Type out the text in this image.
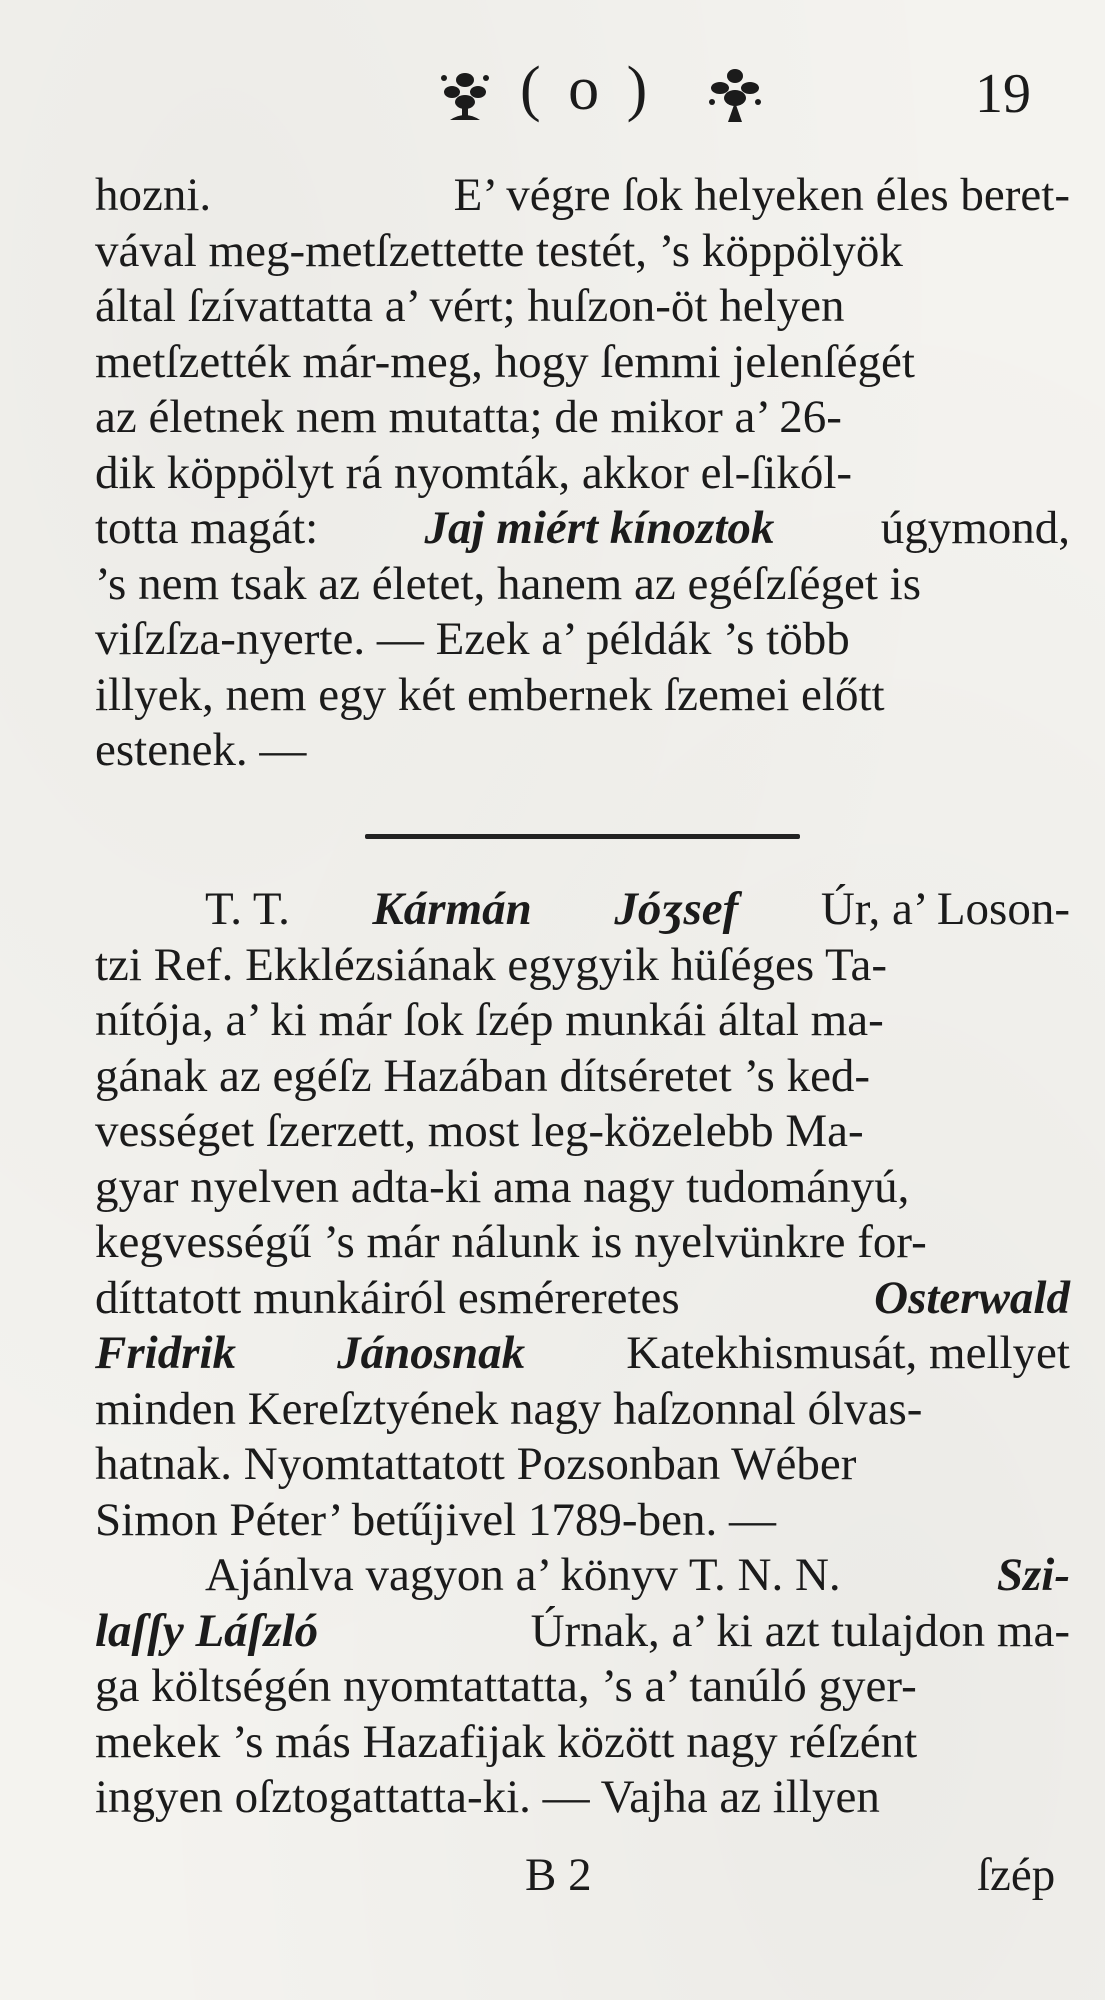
( o )	19
hozni.	E’ végre ſok helyeken éles beret-
vával meg-metſzettette testét, ’s köppölyök
által ſzívattatta a’ vért; huſzon-öt helyen
metſzették már-meg, hogy ſemmi jelenſégét
az életnek nem mutatta; de mikor a’ 26-
dik köppölyt rá nyomták, akkor el-ſikól-
totta magát: Jaj miért kínoztok úgymond,
’s nem tsak az életet, hanem az egéſzſéget is
viſzſza-nyerte. — Ezek a’ példák ’s több
illyek, nem egy két embernek ſzemei előtt
estenek. —
T. T. Kármán Jóʒsef Úr, a’ Loson-
tzi Ref. Ekklézsiának egygyik hüſéges Ta-
nítója, a’ ki már ſok ſzép munkái által ma-
gának az egéſz Hazában dítséretet ’s ked-
vességet ſzerzett, most leg-közelebb Ma-
gyar nyelven adta-ki ama nagy tudományú,
kegvességű ’s már nálunk is nyelvünkre for-
díttatott munkáiról esméreretes	Osterwald
Fridrik Jánosnak Katekhismusát, mellyet
minden Kereſztyének nagy haſzonnal ólvas-
hatnak. Nyomtattatott Pozsonban Wéber
Simon Péter’ betűjivel 1789-ben. —
Ajánlva vagyon a’ könyv T. N. N.	Szi-
laſſy Láſzló	Úrnak, a’ ki azt tulajdon ma-
ga költségén nyomtattatta, ’s a’ tanúló gyer-
mekek ’s más Hazafijak között nagy réſzént
ingyen oſztogattatta-ki. — Vajha az illyen
B 2	ſzép
